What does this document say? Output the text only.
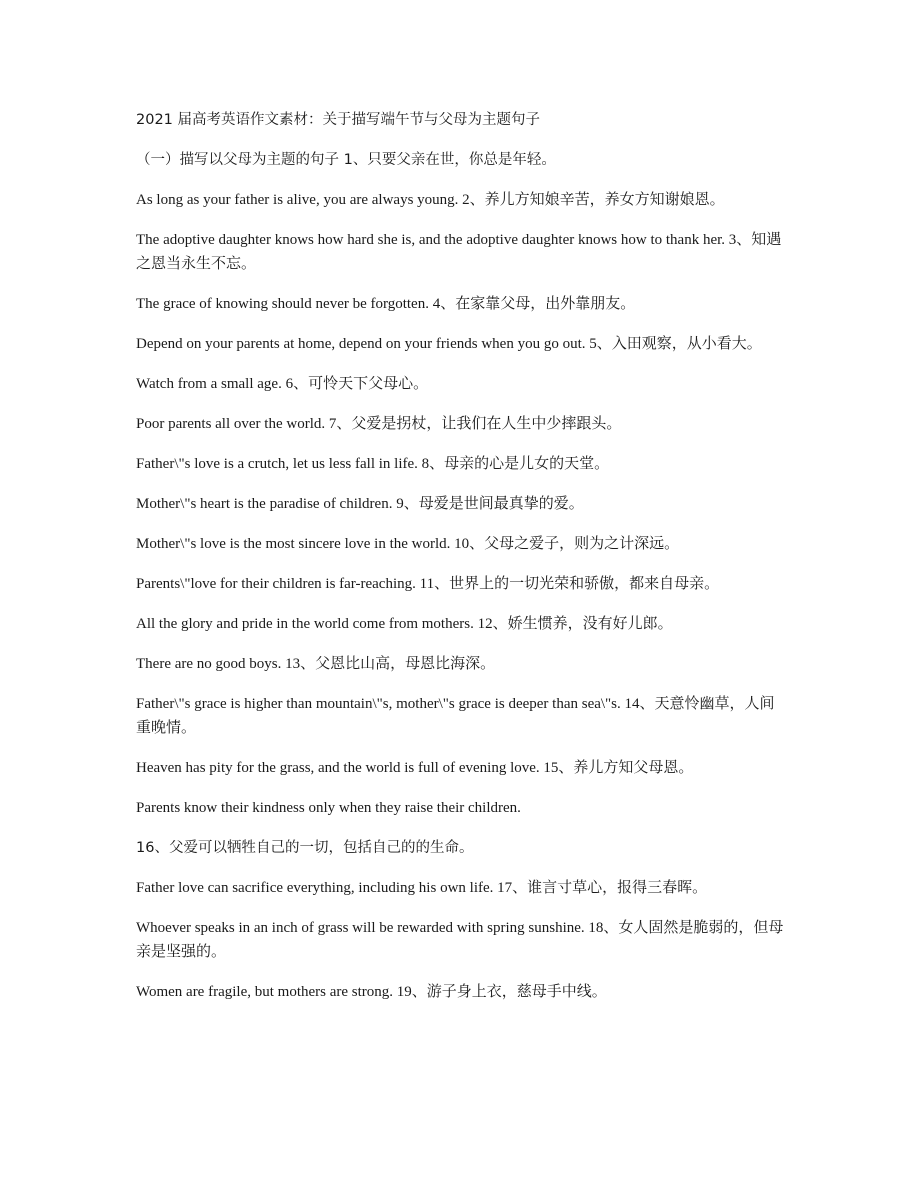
2021 届高考英语作文素材：关于描写端午节与父母为主题句子
（一）描写以父母为主题的句子 1、只要父亲在世，你总是年轻。
As long as your father is alive, you are always young. 2、养儿方知娘辛苦，养女方知谢娘恩。
The adoptive daughter knows how hard she is, and the adoptive daughter knows how to thank her. 3、知遇之恩当永生不忘。
The grace of knowing should never be forgotten. 4、在家靠父母，出外靠朋友。
Depend on your parents at home, depend on your friends when you go out. 5、入田观察，从小看大。
Watch from a small age. 6、可怜天下父母心。
Poor parents all over the world. 7、父爱是拐杖，让我们在人生中少摔跟头。
Father\"s love is a crutch, let us less fall in life. 8、母亲的心是儿女的天堂。
Mother\"s heart is the paradise of children. 9、母爱是世间最真挚的爱。
Mother\"s love is the most sincere love in the world. 10、父母之爱子，则为之计深远。
Parents\"love for their children is far-reaching. 11、世界上的一切光荣和骄傲，都来自母亲。
All the glory and pride in the world come from mothers. 12、娇生惯养，没有好儿郎。
There are no good boys. 13、父恩比山高，母恩比海深。
Father\"s grace is higher than mountain\"s, mother\"s grace is deeper than sea\"s. 14、天意怜幽草，人间重晚情。
Heaven has pity for the grass, and the world is full of evening love. 15、养儿方知父母恩。
Parents know their kindness only when they raise their children.
16、父爱可以牺牲自己的一切，包括自己的的生命。
Father love can sacrifice everything, including his own life. 17、谁言寸草心，报得三春晖。
Whoever speaks in an inch of grass will be rewarded with spring sunshine. 18、女人固然是脆弱的，但母亲是坚强的。
Women are fragile, but mothers are strong. 19、游子身上衣，慈母手中线。
